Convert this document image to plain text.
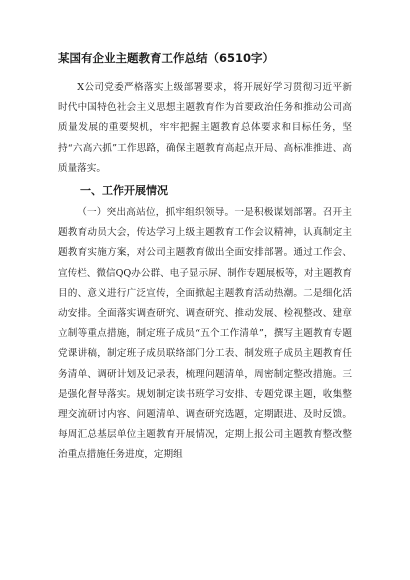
某国有企业主题教育工作总结（6510字）

X公司党委严格落实上级部署要求，将开展好学习贯彻习近平新时代中国特色社会主义思想主题教育作为首要政治任务和推动公司高质量发展的重要契机，牢牢把握主题教育总体要求和目标任务，坚持“六高六抓”工作思路，确保主题教育高起点开局、高标准推进、高质量落实。

一、工作开展情况

（一）突出高站位，抓牢组织领导。一是积极谋划部署。召开主题教育动员大会，传达学习上级主题教育工作会议精神，认真制定主题教育实施方案，对公司主题教育做出全面安排部署。通过工作会、宣传栏、微信QQ办公群、电子显示屏、制作专题展板等，对主题教育目的、意义进行广泛宣传，全面掀起主题教育活动热潮。二是细化活动安排。全面落实调查研究、调查研究、推动发展、检视整改、建章立制等重点措施，制定班子成员“五个工作清单”，撰写主题教育专题党课讲稿，制定班子成员联络部门分工表、制发班子成员主题教育任务清单、调研计划及记录表，梳理问题清单，周密制定整改措施。三是强化督导落实。规划制定读书班学习安排、专题党课主题，收集整理交流研讨内容、问题清单、调查研究选题，定期跟进、及时反馈。每周汇总基层单位主题教育开展情况，定期上报公司主题教育整改整治重点措施任务进度，定期组
